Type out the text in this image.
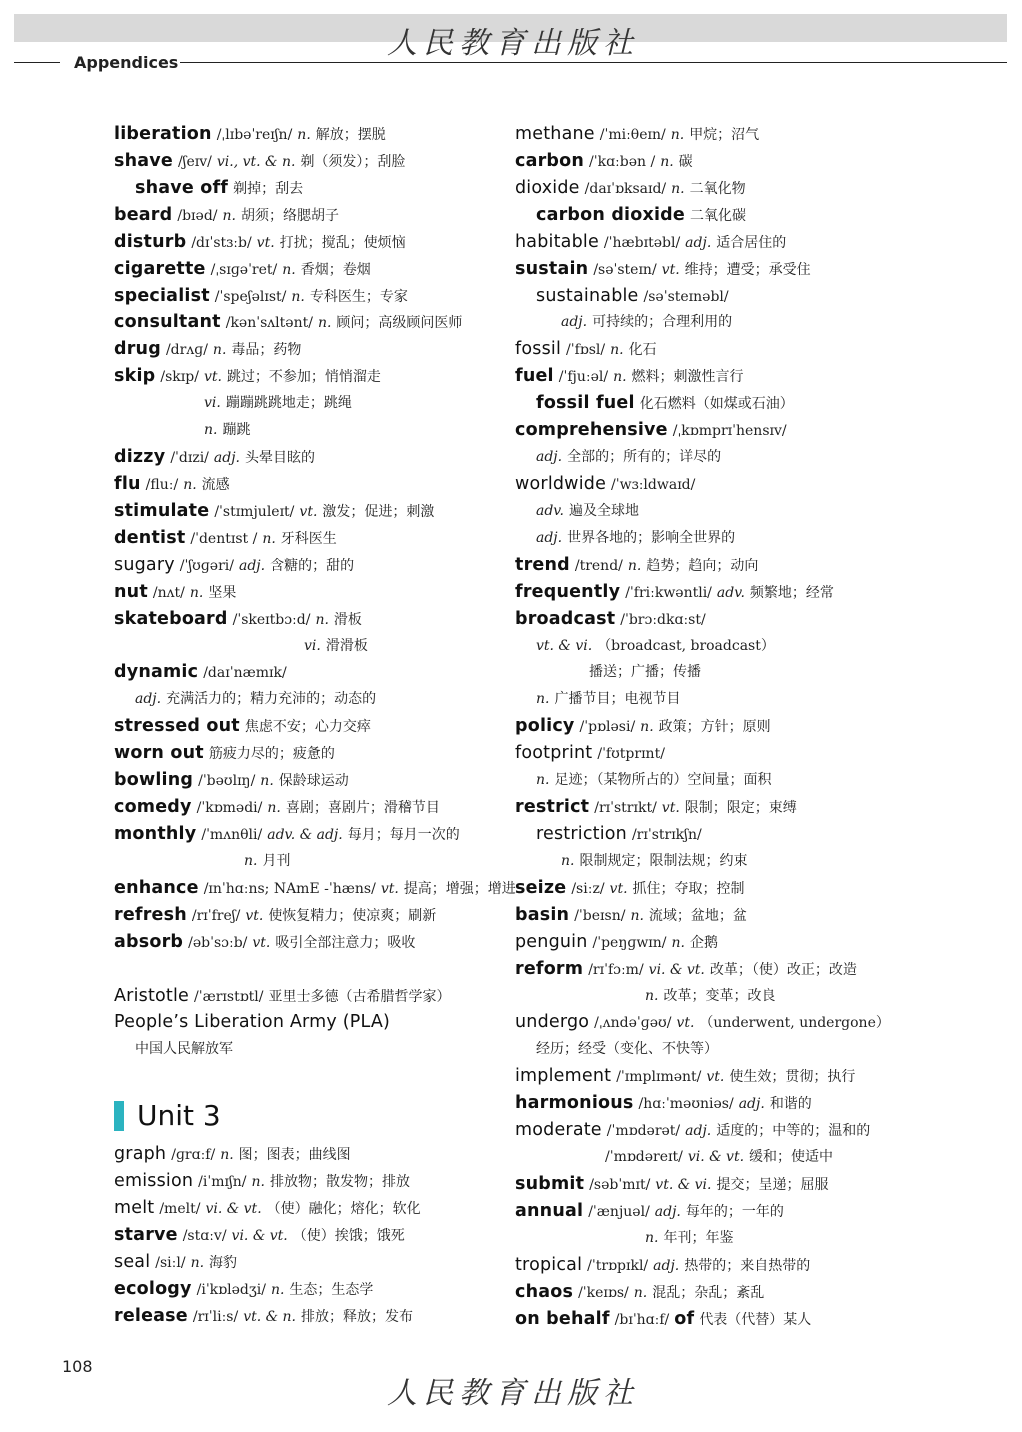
人民教育出版社
Appendices
liberation /ˌlɪbəˈreɪʃn/ n. 解放；摆脱
shave /ʃeɪv/ vi., vt. & n. 剃（须发）；刮脸
shave off 剃掉；刮去
beard /bɪəd/ n. 胡须；络腮胡子
disturb /dɪˈstɜːb/ vt. 打扰；搅乱；使烦恼
cigarette /ˌsɪɡəˈret/ n. 香烟；卷烟
specialist /ˈspeʃəlɪst/ n. 专科医生；专家
consultant /kənˈsʌltənt/ n. 顾问；高级顾问医师
drug /drʌɡ/ n. 毒品；药物
skip /skɪp/ vt. 跳过；不参加；悄悄溜走
vi. 蹦蹦跳跳地走；跳绳
n. 蹦跳
dizzy /ˈdɪzi/ adj. 头晕目眩的
flu /fluː/ n. 流感
stimulate /ˈstɪmjuleɪt/ vt. 激发；促进；刺激
dentist /ˈdentɪst / n. 牙科医生
sugary /ˈʃʊɡəri/ adj. 含糖的；甜的
nut /nʌt/ n. 坚果
skateboard /ˈskeɪtbɔːd/ n. 滑板
vi. 滑滑板
dynamic /daɪˈnæmɪk/
adj. 充满活力的；精力充沛的；动态的
stressed out 焦虑不安；心力交瘁
worn out 筋疲力尽的；疲惫的
bowling /ˈbəʊlɪŋ/ n. 保龄球运动
comedy /ˈkɒmədi/ n. 喜剧；喜剧片；滑稽节目
monthly /ˈmʌnθli/ adv. & adj. 每月；每月一次的
n. 月刊
enhance /ɪnˈhɑːns; NAmE -ˈhæns/ vt. 提高；增强；增进
refresh /rɪˈfreʃ/ vt. 使恢复精力；使凉爽；刷新
absorb /əbˈsɔːb/ vt. 吸引全部注意力；吸收
Aristotle /ˈærɪstɒtl/ 亚里士多德（古希腊哲学家）
People’s Liberation Army (PLA)
中国人民解放军
Unit 3
graph /ɡrɑːf/ n. 图；图表；曲线图
emission /iˈmɪʃn/ n. 排放物；散发物；排放
melt /melt/ vi. & vt. （使）融化；熔化；软化
starve /stɑːv/ vi. & vt. （使）挨饿；饿死
seal /siːl/ n. 海豹
ecology /iˈkɒlədʒi/ n. 生态；生态学
release /rɪˈliːs/ vt. & n. 排放；释放；发布
methane /ˈmiːθeɪn/ n. 甲烷；沼气
carbon /ˈkɑːbən / n. 碳
dioxide /daɪˈɒksaɪd/ n. 二氧化物
carbon dioxide 二氧化碳
habitable /ˈhæbɪtəbl/ adj. 适合居住的
sustain /səˈsteɪn/ vt. 维持；遭受；承受住
sustainable /səˈsteɪnəbl/
adj. 可持续的；合理利用的
fossil /ˈfɒsl/ n. 化石
fuel /ˈfjuːəl/ n. 燃料；刺激性言行
fossil fuel 化石燃料（如煤或石油）
comprehensive /ˌkɒmprɪˈhensɪv/
adj. 全部的；所有的；详尽的
worldwide /ˈwɜːldwaɪd/
adv. 遍及全球地
adj. 世界各地的；影响全世界的
trend /trend/ n. 趋势；趋向；动向
frequently /ˈfriːkwəntli/ adv. 频繁地；经常
broadcast /ˈbrɔːdkɑːst/
vt. & vi. （broadcast, broadcast）
播送；广播；传播
n. 广播节目；电视节目
policy /ˈpɒləsi/ n. 政策；方针；原则
footprint /ˈfʊtprɪnt/
n. 足迹；（某物所占的）空间量；面积
restrict /rɪˈstrɪkt/ vt. 限制；限定；束缚
restriction /rɪˈstrɪkʃn/
n. 限制规定；限制法规；约束
seize /siːz/ vt. 抓住；夺取；控制
basin /ˈbeɪsn/ n. 流域；盆地；盆
penguin /ˈpeŋɡwɪn/ n. 企鹅
reform /rɪˈfɔːm/ vi. & vt. 改革；（使）改正；改造
n. 改革；变革；改良
undergo /ˌʌndəˈɡəʊ/ vt. （underwent, undergone）
经历；经受（变化、不快等）
implement /ˈɪmplɪmənt/ vt. 使生效；贯彻；执行
harmonious /hɑːˈməʊniəs/ adj. 和谐的
moderate /ˈmɒdərət/ adj. 适度的；中等的；温和的
/ˈmɒdəreɪt/ vi. & vt. 缓和；使适中
submit /səbˈmɪt/ vt. & vi. 提交；呈递；屈服
annual /ˈænjuəl/ adj. 每年的；一年的
n. 年刊；年鉴
tropical /ˈtrɒpɪkl/ adj. 热带的；来自热带的
chaos /ˈkeɪɒs/ n. 混乱；杂乱；紊乱
on behalf /bɪˈhɑːf/ of 代表（代替）某人
108
人民教育出版社
